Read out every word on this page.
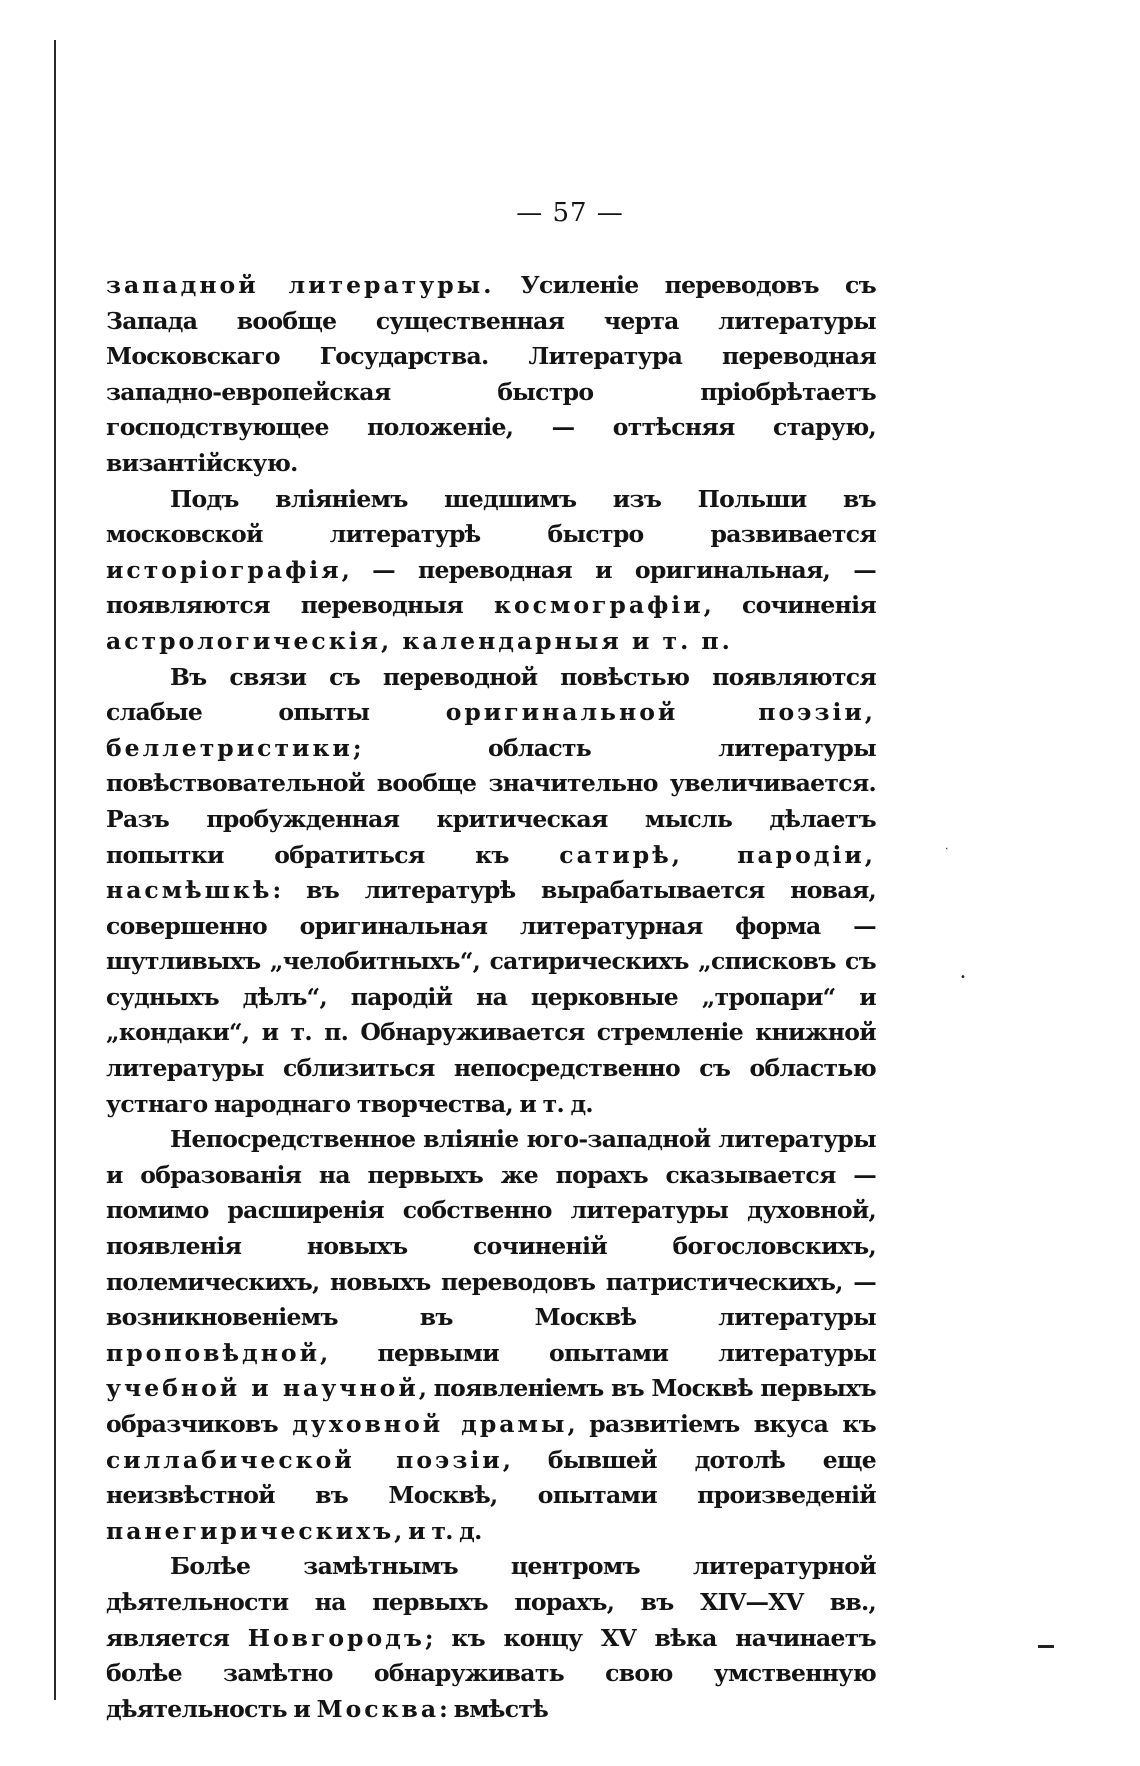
— 57 —

западной литературы. Усиленіе переводовъ съ Запада вообще существенная черта литературы Московскаго Государства. Литература переводная западно-европейская быстро пріобрѣтаетъ господствующее положеніе, — оттѣсняя старую, византійскую.

Подъ вліяніемъ шедшимъ изъ Польши въ московской литературѣ быстро развивается исторіографія, — переводная и оригинальная, — появляются переводныя космографіи, сочиненія астрологическія, календарныя и т. п.

Въ связи съ переводной повѣстью появляются слабые опыты оригинальной поэзіи, беллетристики; область литературы повѣствовательной вообще значительно увеличивается. Разъ пробужденная критическая мысль дѣлаетъ попытки обратиться къ сатирѣ, пародіи, насмѣшкѣ: въ литературѣ вырабатывается новая, совершенно оригинальная литературная форма — шутливыхъ „челобитныхъ“, сатирическихъ „списковъ съ судныхъ дѣлъ“, пародій на церковные „тропари“ и „кондаки“, и т. п. Обнаруживается стремленіе книжной литературы сблизиться непосредственно съ областью устнаго народнаго творчества, и т. д.

Непосредственное вліяніе юго-западной литературы и образованія на первыхъ же порахъ сказывается — помимо расширенія собственно литературы духовной, появленія новыхъ сочиненій богословскихъ, полемическихъ, новыхъ переводовъ патристическихъ, — возникновеніемъ въ Москвѣ литературы проповѣдной, первыми опытами литературы учебной и научной, появленіемъ въ Москвѣ первыхъ образчиковъ духовной драмы, развитіемъ вкуса къ силлабической поэзіи, бывшей дотолѣ еще неизвѣстной въ Москвѣ, опытами произведеній панегирическихъ, и т. д.

Болѣе замѣтнымъ центромъ литературной дѣятельности на первыхъ порахъ, въ XIV—XV вв., является Новгородъ; къ концу XV вѣка начинаетъ болѣе замѣтно обнаруживать свою умственную дѣятельность и Москва: вмѣстѣ

•
⸼
